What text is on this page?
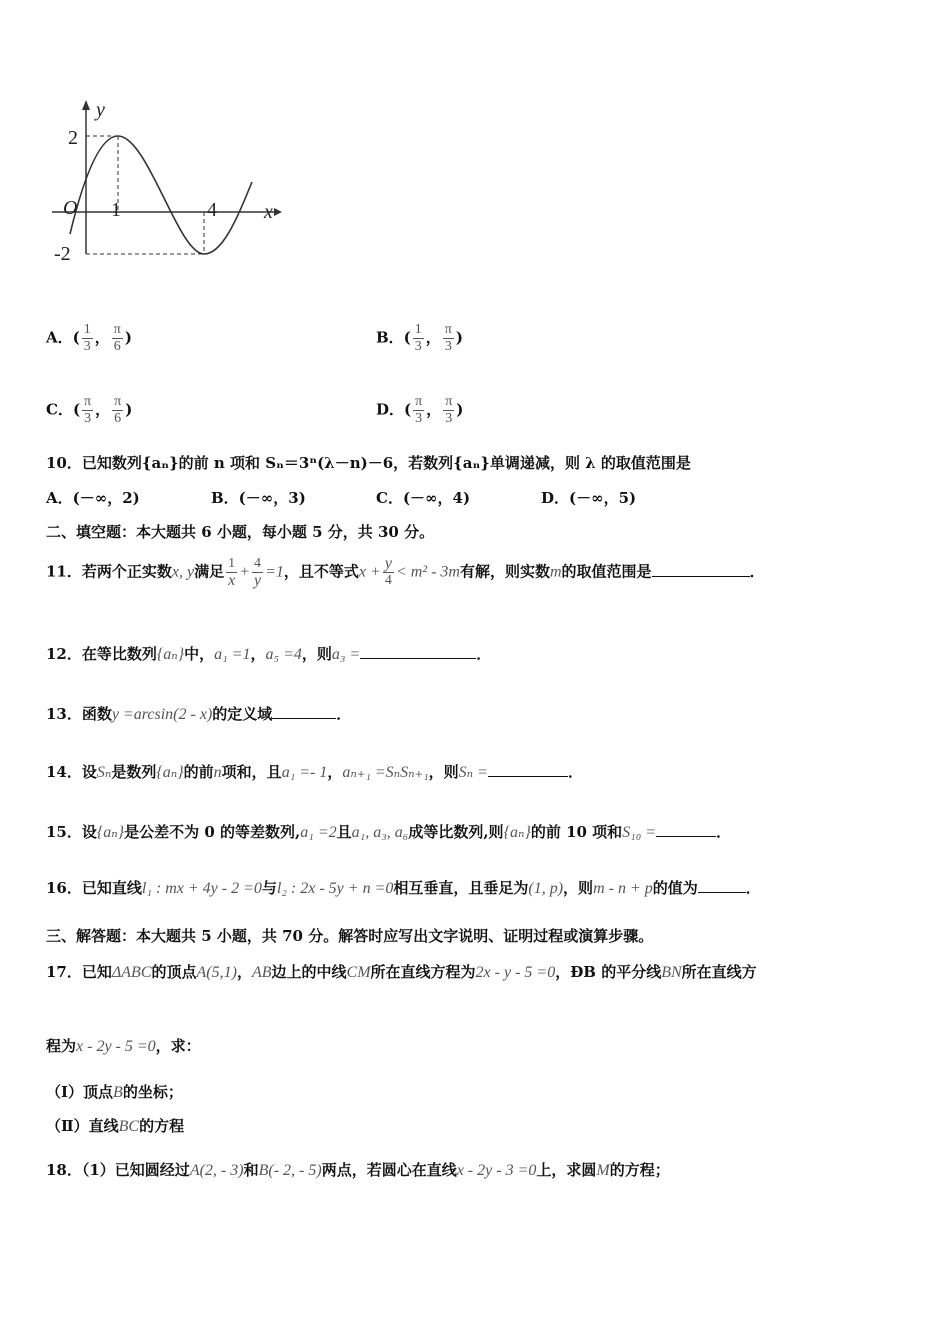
y
x
O
2
-2
1	4
A．( $\frac{1}{3}$ ， $\frac{\pi}{6}$ )	B．( $\frac{1}{3}$ ， $\frac{\pi}{3}$ )
C．( $\frac{\pi}{3}$ ， $\frac{\pi}{6}$ )	D．( $\frac{\pi}{3}$ ， $\frac{\pi}{3}$ )
10．已知数列{aₙ}的前 n 项和 Sₙ＝3ⁿ(λ－n)－6，若数列{aₙ}单调递减，则 λ 的取值范围是
A．(－∞，2)	B．(－∞，3)	C．(－∞，4)	D．(－∞，5)
二、填空题：本大题共 6 小题，每小题 5 分，共 30 分。
11．若两个正实数x, y满足 $\frac{1}{x} + \frac{4}{y} =1$，且不等式$x + \frac{y}{4} < m^2 - 3m$有解，则实数m的取值范围是	．
12．在等比数列{aₙ}中，a₁ =1，a₅ =4，则a₃ =	．
13．函数y =arcsin(2 - x)的定义域	．
14．设Sₙ是数列{aₙ}的前n项和，且a₁ =- 1，aₙ₊₁ =SₙSₙ₊₁，则Sₙ =	．
15．设{aₙ}是公差不为 0 的等差数列,a₁ =2且a₁, a₃, a₆成等比数列,则{aₙ}的前 10 项和S₁₀ =	．
16．已知直线l₁ : mx + 4y - 2 =0与l₂ : 2x - 5y + n =0相互垂直，且垂足为(1, p)，则m - n + p的值为	．
三、解答题：本大题共 5 小题，共 70 分。解答时应写出文字说明、证明过程或演算步骤。
17．已知ΔABC的顶点A(5,1)，AB边上的中线CM所在直线方程为2x - y - 5 =0，ÐB 的平分线BN所在直线方
程为x - 2y - 5 =0，求：
（Ⅰ）顶点B的坐标；
（Ⅱ）直线BC的方程
18．（1）已知圆经过A(2, - 3)和B(- 2, - 5)两点，若圆心在直线x - 2y - 3 =0上，求圆M的方程；
